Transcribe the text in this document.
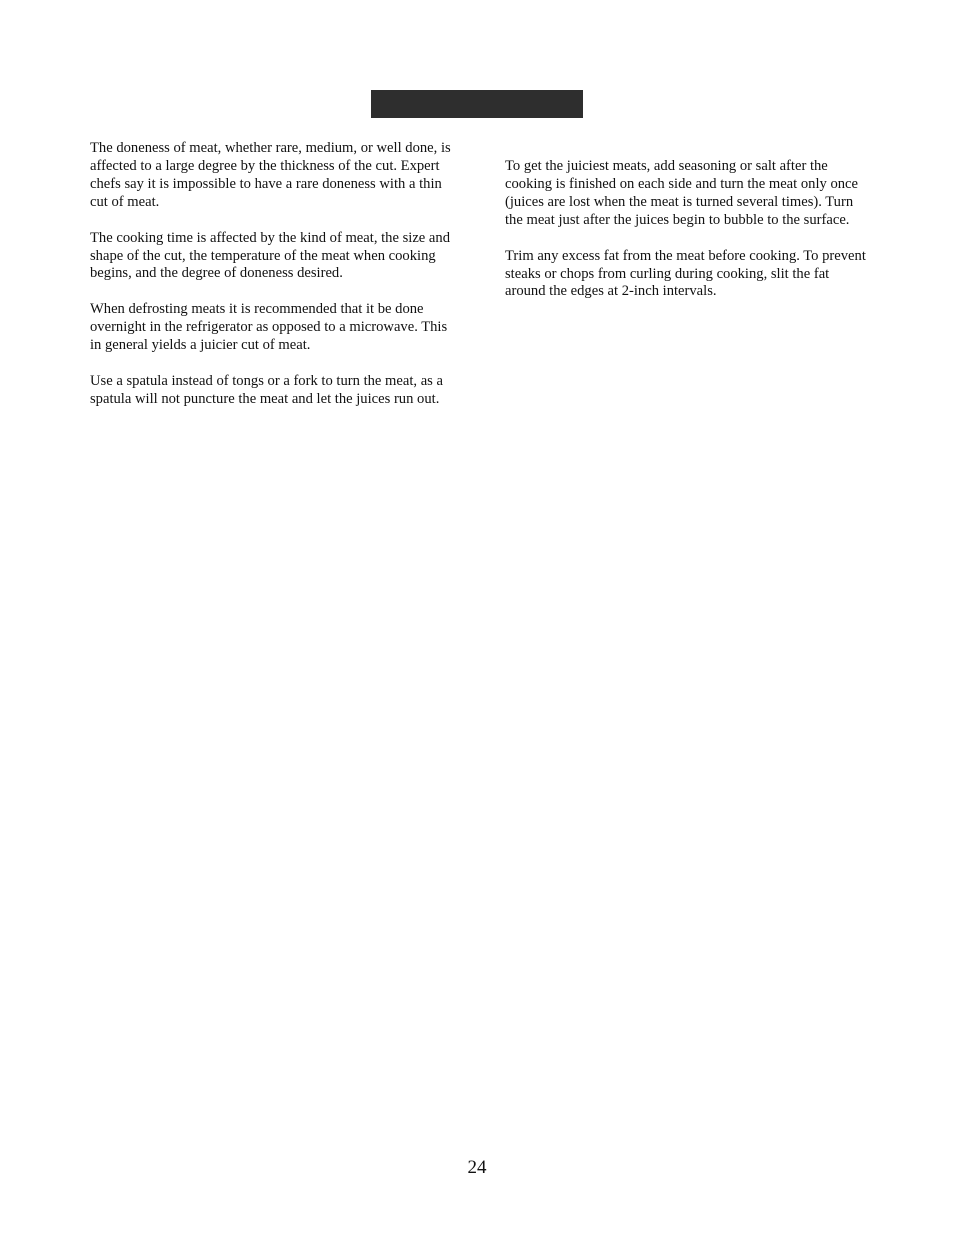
The doneness of meat, whether rare, medium, or well done, is affected to a large degree by the thickness of the cut. Expert chefs say it is impossible to have a rare doneness with a thin cut of meat.

The cooking time is affected by the kind of meat, the size and shape of the cut, the temperature of the meat when cooking begins, and the degree of doneness desired.

When defrosting meats it is recommended that it be done overnight in the refrigerator as opposed to a microwave. This in general yields a juicier cut of meat.

Use a spatula instead of tongs or a fork to turn the meat, as a spatula will not puncture the meat and let the juices run out.

To get the juiciest meats, add seasoning or salt after the cooking is finished on each side and turn the meat only once (juices are lost when the meat is turned several times). Turn the meat just after the juices begin to bubble to the surface.

Trim any excess fat from the meat before cooking. To prevent steaks or chops from curling during cooking, slit the fat around the edges at 2-inch intervals.

24
